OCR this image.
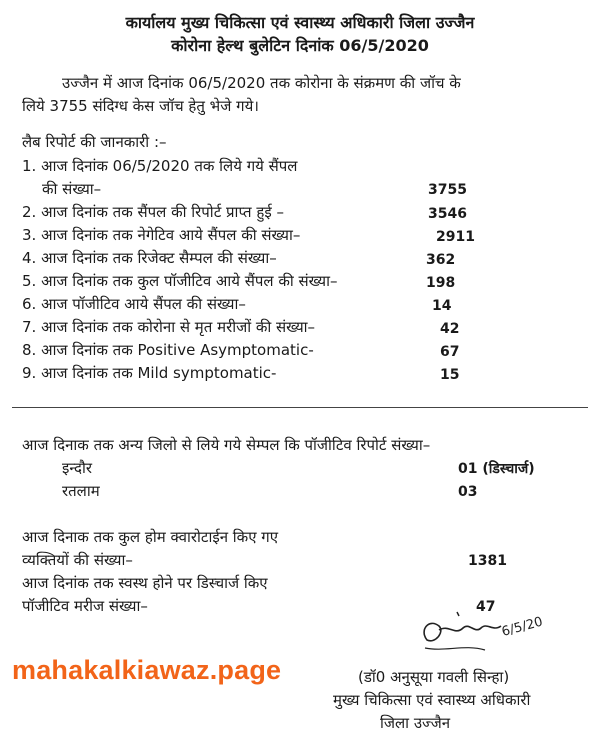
कार्यालय मुख्य चिकित्सा एवं स्वास्थ्य अधिकारी जिला उज्जैन
कोरोना हेल्थ बुलेटिन दिनांक 06/5/2020
उज्जैन में आज दिनांक 06/5/2020 तक कोरोना के संक्रमण की जॉच के
लिये 3755 संदिग्ध केस जॉच हेतु भेजे गये।
लैब रिपोर्ट की जानकारी :–
1. आज दिनांक 06/5/2020 तक लिये गये सैंपल
की संख्या–	3755
2. आज दिनांक तक सैंपल की रिपोर्ट प्राप्त हुई –	3546
3. आज दिनांक तक नेगेटिव आये सैंपल की संख्या–	2911
4. आज दिनांक तक रिजेक्ट सैम्पल की संख्या–	362
5. आज दिनांक तक कुल पॉजीटिव आये सैंपल की संख्या–	198
6. आज पॉजीटिव आये सैंपल की संख्या–	14
7. आज दिनांक तक कोरोना से मृत मरीजों की संख्या–	42
8. आज दिनांक तक Positive Asymptomatic-	67
9. आज दिनांक तक Mild symptomatic-	15
आज दिनाक तक अन्य जिलो से लिये गये सेम्पल कि पॉजीटिव रिपोर्ट संख्या–
इन्दौर	01 (डिस्चार्ज)
रतलाम	03
आज दिनाक तक कुल होम क्वारोटाईन किए गए
व्यक्तियों की संख्या–	1381
आज दिनांक तक स्वस्थ होने पर डिस्चार्ज किए
पॉजीटिव मरीज संख्या–	47
6/5/20
mahakalkiawaz.page	(डॉ0 अनुसूया गवली सिन्हा)
मुख्य चिकित्सा एवं स्वास्थ्य अधिकारी
जिला उज्जैन
